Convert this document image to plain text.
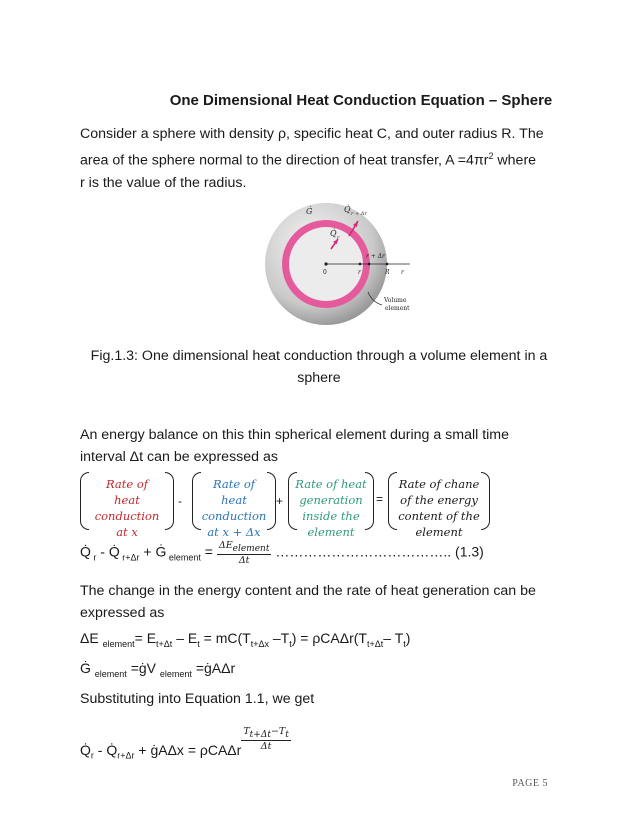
One Dimensional Heat Conduction Equation – Sphere
Consider a sphere with density ρ, specific heat C, and outer radius R. The
area of the sphere normal to the direction of heat transfer, $A =4\pi r^2$ where
r is the value of the radius.
Ġ	Q̇ r + Δr
Q̇ r
r + Δr
0	r	R r
Volume
element
Fig.1.3: One dimensional heat conduction through a volume element in a
sphere
An energy balance on this thin spherical element during a small time
interval Δt can be expressed as
Rate of
heat
conduction
at x
-
Rate of
heat
conduction
at x + Δx
+
Rate of heat
generation
inside the
element
=
Rate of chane
of the energy
content of the
element
Q̇ $_r$ - Q̇ $_{r+\Delta r}$ + Ġ $_{element} = \frac{\Delta E_{element}}{\Delta t}$ ……………………………….. (1.3)
The change in the energy content and the rate of heat generation can be
expressed as
ΔE $_{element}= E_{t+\Delta t} - E_t = mC(T_{t+\Delta x}$ $-T_t) = \rho CA\Delta r(T_{t+\Delta t}-$ $T_t$)
Ġ $_{element}$ =ġV $_{element}$ =ġAΔr
Substituting into Equation 1.1, we get
$Q̇_r$ - $Q̇_{r+\Delta r}$ + ġAΔx = ρCAΔr $\frac{T_{t+\Delta t}-T_t}{\Delta t}$
PAGE 5
